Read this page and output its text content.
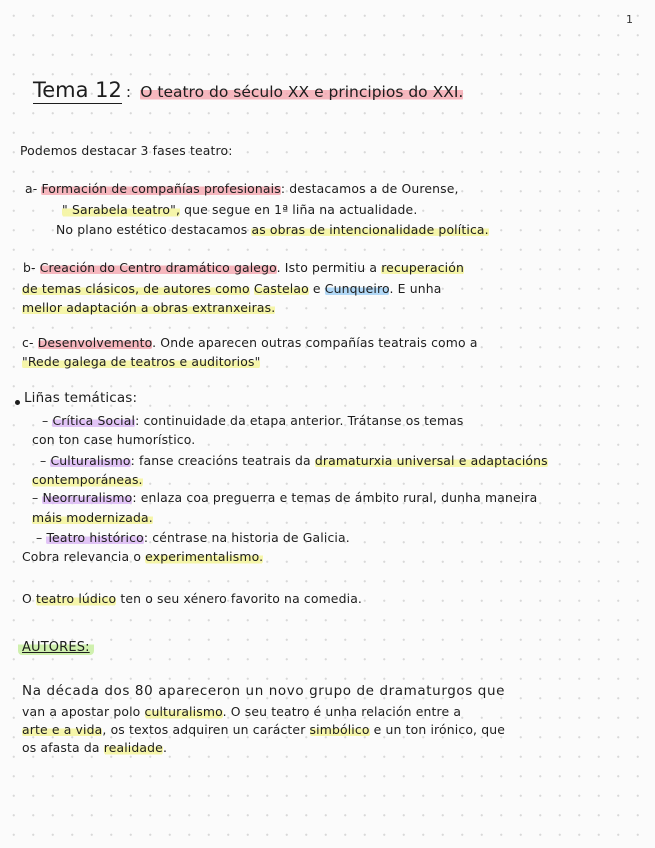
1
Tema 12 : O teatro do século XX e principios do XXI.
Podemos destacar 3 fases teatro:
a- Formación de compañías profesionais: destacamos a de Ourense,
" Sarabela teatro", que segue en 1ª liña na actualidade.
No plano estético destacamos as obras de intencionalidade política.
b- Creación do Centro dramático galego. Isto permitiu a recuperación
de temas clásicos, de autores como Castelao e Cunqueiro. E unha
mellor adaptación a obras extranxeiras.
c- Desenvolvemento. Onde aparecen outras compañías teatrais como a
"Rede galega de teatros e auditorios"
Liñas temáticas:
– Crítica Social: continuidade da etapa anterior. Trátanse os temas
con ton case humorístico.
– Culturalismo: fanse creacións teatrais da dramaturxia universal e adaptacións
contemporáneas.
– Neorruralismo: enlaza coa preguerra e temas de ámbito rural, dunha maneira
máis modernizada.
– Teatro histórico: céntrase na historia de Galicia.
Cobra relevancia o experimentalismo.
O teatro lúdico ten o seu xénero favorito na comedia.
AUTORES:
Na década dos 80 apareceron un novo grupo de dramaturgos que
van a apostar polo culturalismo. O seu teatro é unha relación entre a
arte e a vida, os textos adquiren un carácter simbólico e un ton irónico, que
os afasta da realidade.
